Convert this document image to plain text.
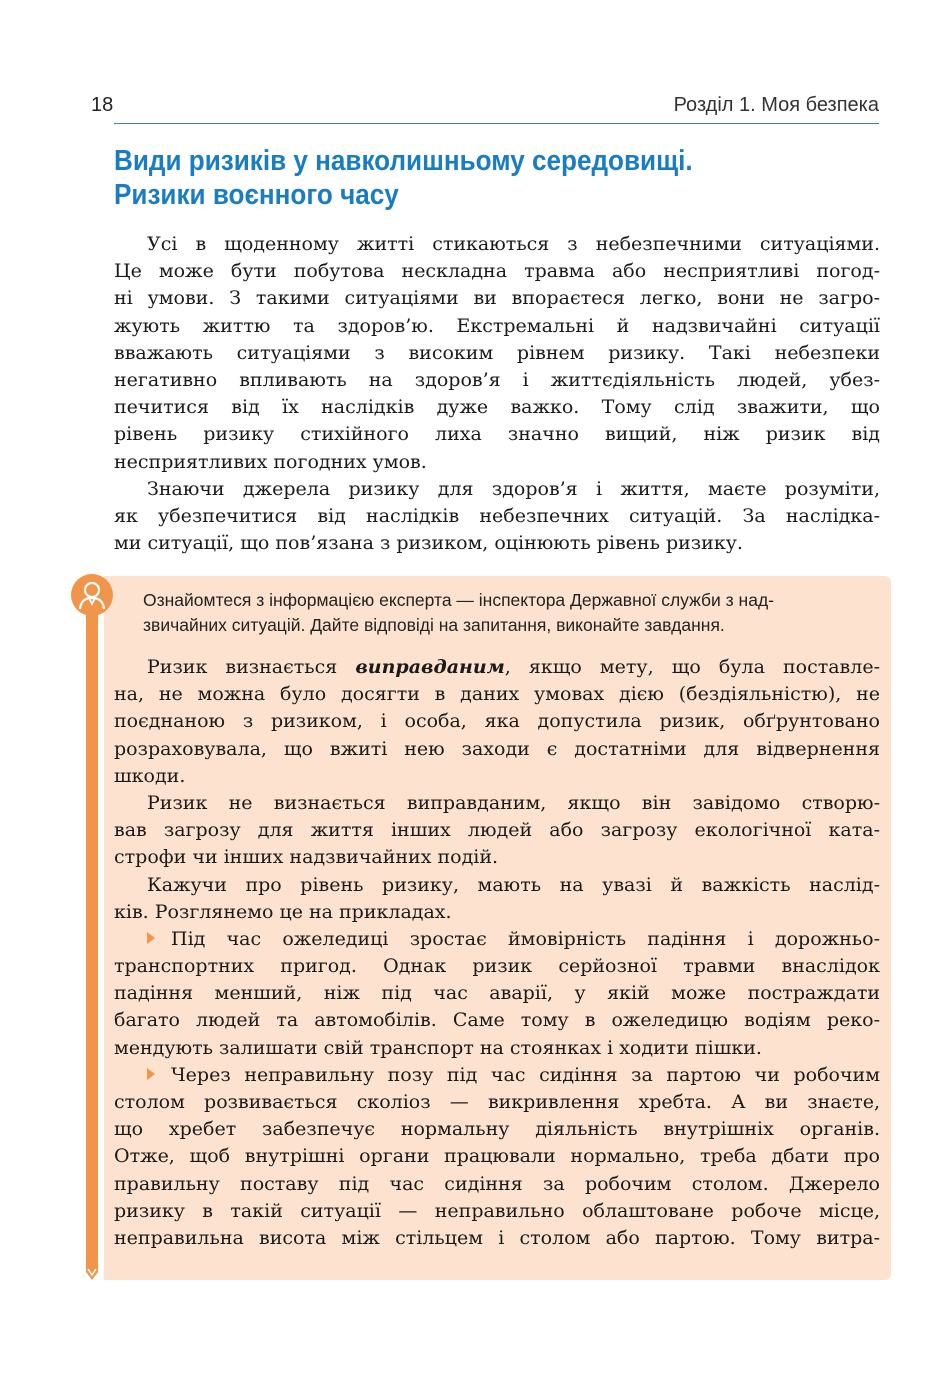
18	Розділ 1. Моя безпека
Види ризиків у навколишньому середовищі.
Ризики воєнного часу
Усі в щоденному житті стикаються з небезпечними ситуаціями.
Це може бути побутова нескладна травма або несприятливі погод-
ні умови. З такими ситуаціями ви впораєтеся легко, вони не загро-
жують життю та здоров’ю. Екстремальні й надзвичайні ситуації
вважають ситуаціями з високим рівнем ризику. Такі небезпеки
негативно впливають на здоров’я і життєдіяльність людей, убез-
печитися від їх наслідків дуже важко. Тому слід зважити, що
рівень ризику стихійного лиха значно вищий, ніж ризик від
несприятливих погодних умов.
Знаючи джерела ризику для здоров’я і життя, маєте розуміти,
як убезпечитися від наслідків небезпечних ситуацій. За наслідка-
ми ситуації, що пов’язана з ризиком, оцінюють рівень ризику.
Ознайомтеся з інформацією експерта — інспектора Державної служби з над-
звичайних ситуацій. Дайте відповіді на запитання, виконайте завдання.
Ризик визнається виправданим, якщо мету, що була поставле-
на, не можна було досягти в даних умовах дією (бездіяльністю), не
поєднаною з ризиком, і особа, яка допустила ризик, обґрунтовано
розраховувала, що вжиті нею заходи є достатніми для відвернення
шкоди.
Ризик не визнається виправданим, якщо він завідомо створю-
вав загрозу для життя інших людей або загрозу екологічної ката-
строфи чи інших надзвичайних подій.
Кажучи про рівень ризику, мають на увазі й важкість наслід-
ків. Розглянемо це на прикладах.
Під час ожеледиці зростає ймовірність падіння і дорожньо-
транспортних пригод. Однак ризик серйозної травми внаслідок
падіння менший, ніж під час аварії, у якій може постраждати
багато людей та автомобілів. Саме тому в ожеледицю водіям реко-
мендують залишати свій транспорт на стоянках і ходити пішки.
Через неправильну позу під час сидіння за партою чи робочим
столом розвивається сколіоз — викривлення хребта. А ви знаєте,
що хребет забезпечує нормальну діяльність внутрішніх органів.
Отже, щоб внутрішні органи працювали нормально, треба дбати про
правильну поставу під час сидіння за робочим столом. Джерело
ризику в такій ситуації — неправильно облаштоване робоче місце,
неправильна висота між стільцем і столом або партою. Тому витра-
